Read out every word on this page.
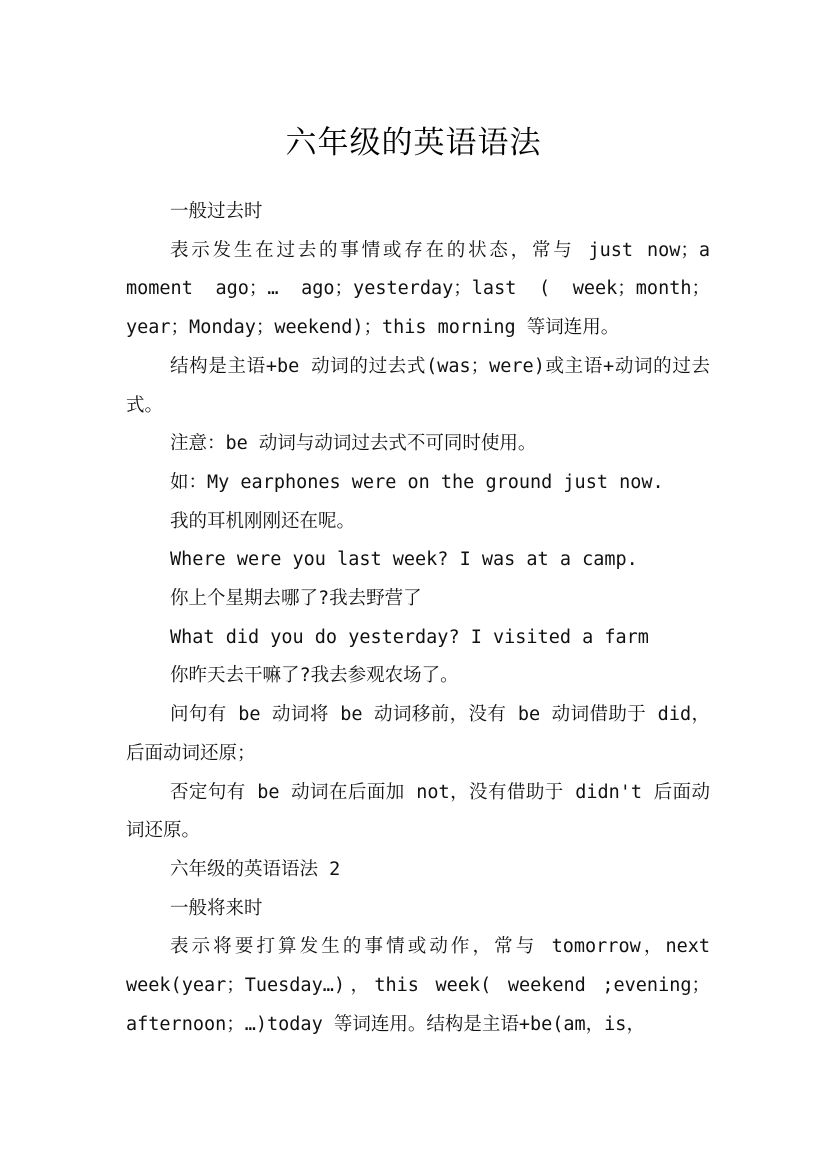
六年级的英语语法

一般过去时

表示发生在过去的事情或存在的状态，常与 just now；a moment ago；… ago；yesterday；last ( week；month；year；Monday；weekend)；this morning 等词连用。

结构是主语+be 动词的过去式(was；were)或主语+动词的过去式。

注意：be 动词与动词过去式不可同时使用。

如：My earphones were on the ground just now.

我的耳机刚刚还在呢。

Where were you last week? I was at a camp.

你上个星期去哪了?我去野营了

What did you do yesterday? I visited a farm

你昨天去干嘛了?我去参观农场了。

问句有 be 动词将 be 动词移前，没有 be 动词借助于 did，后面动词还原；

否定句有 be 动词在后面加 not，没有借助于 didn't 后面动词还原。

六年级的英语语法 2

一般将来时

表示将要打算发生的事情或动作，常与 tomorrow，next week(year；Tuesday…)，this week( weekend ;evening；afternoon；…)today 等词连用。结构是主语+be(am，is，
